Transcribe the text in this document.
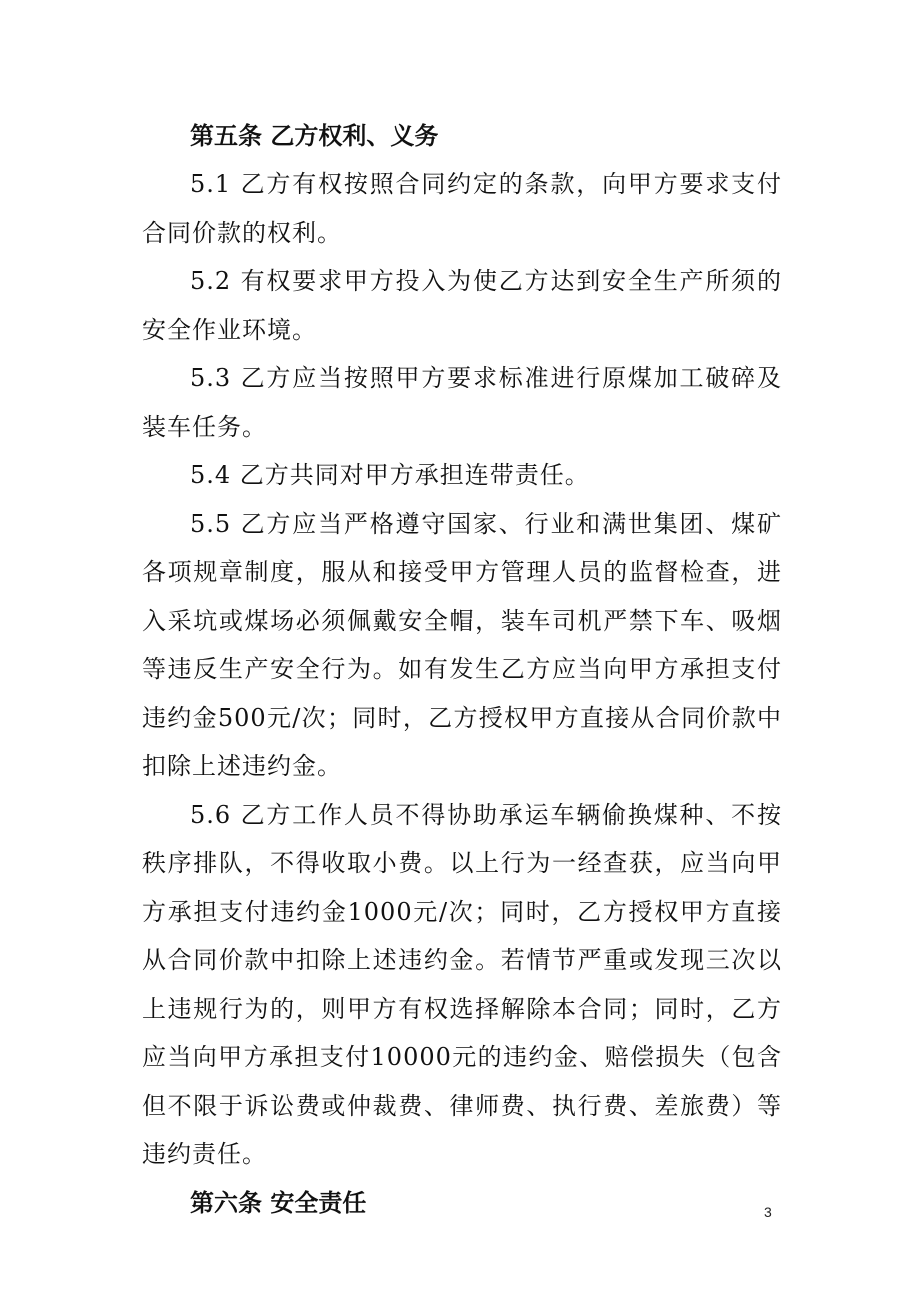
第五条 乙方权利、义务

5.1 乙方有权按照合同约定的条款，向甲方要求支付合同价款的权利。

5.2 有权要求甲方投入为使乙方达到安全生产所须的安全作业环境。

5.3 乙方应当按照甲方要求标准进行原煤加工破碎及装车任务。

5.4 乙方共同对甲方承担连带责任。

5.5 乙方应当严格遵守国家、行业和满世集团、煤矿各项规章制度，服从和接受甲方管理人员的监督检查，进入采坑或煤场必须佩戴安全帽，装车司机严禁下车、吸烟等违反生产安全行为。如有发生乙方应当向甲方承担支付违约金500元/次；同时，乙方授权甲方直接从合同价款中扣除上述违约金。

5.6 乙方工作人员不得协助承运车辆偷换煤种、不按秩序排队，不得收取小费。以上行为一经查获，应当向甲方承担支付违约金1000元/次；同时，乙方授权甲方直接从合同价款中扣除上述违约金。若情节严重或发现三次以上违规行为的，则甲方有权选择解除本合同；同时，乙方应当向甲方承担支付10000元的违约金、赔偿损失（包含但不限于诉讼费或仲裁费、律师费、执行费、差旅费）等违约责任。

第六条 安全责任	3
